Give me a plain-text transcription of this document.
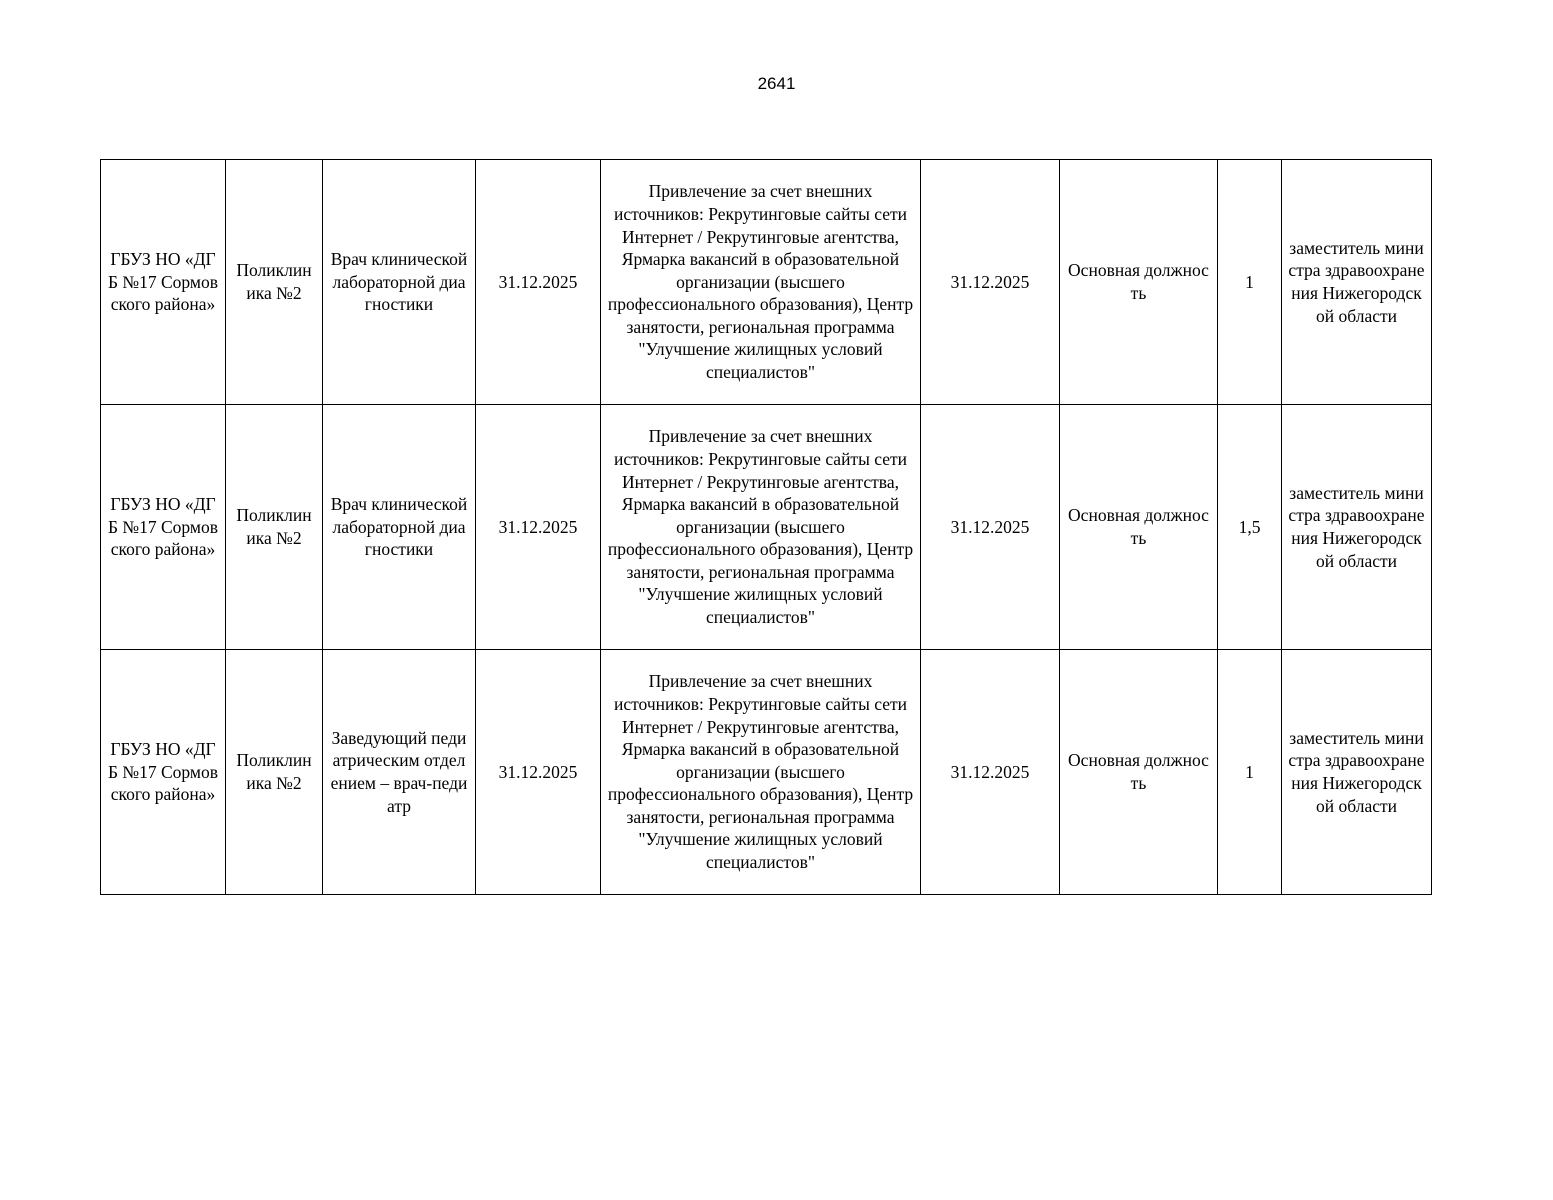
2641
ГБУЗ НО «ДГБ №17 Сормовского района»	Поликлиника №2	Врач клинической лабораторной диагностики	31.12.2025	Привлечение за счет внешних источников: Рекрутинговые сайты сети Интернет / Рекрутинговые агентства, Ярмарка вакансий в образовательной организации (высшего профессионального образования), Центр занятости, региональная программа "Улучшение жилищных условий специалистов"	31.12.2025	Основная должность	1	заместитель министра здравоохранения Нижегородской области
ГБУЗ НО «ДГБ №17 Сормовского района»	Поликлиника №2	Врач клинической лабораторной диагностики	31.12.2025	Привлечение за счет внешних источников: Рекрутинговые сайты сети Интернет / Рекрутинговые агентства, Ярмарка вакансий в образовательной организации (высшего профессионального образования), Центр занятости, региональная программа "Улучшение жилищных условий специалистов"	31.12.2025	Основная должность	1,5	заместитель министра здравоохранения Нижегородской области
ГБУЗ НО «ДГБ №17 Сормовского района»	Поликлиника №2	Заведующий педиатрическим отделением – врач-педиатр	31.12.2025	Привлечение за счет внешних источников: Рекрутинговые сайты сети Интернет / Рекрутинговые агентства, Ярмарка вакансий в образовательной организации (высшего профессионального образования), Центр занятости, региональная программа "Улучшение жилищных условий специалистов"	31.12.2025	Основная должность	1	заместитель министра здравоохранения Нижегородской области
